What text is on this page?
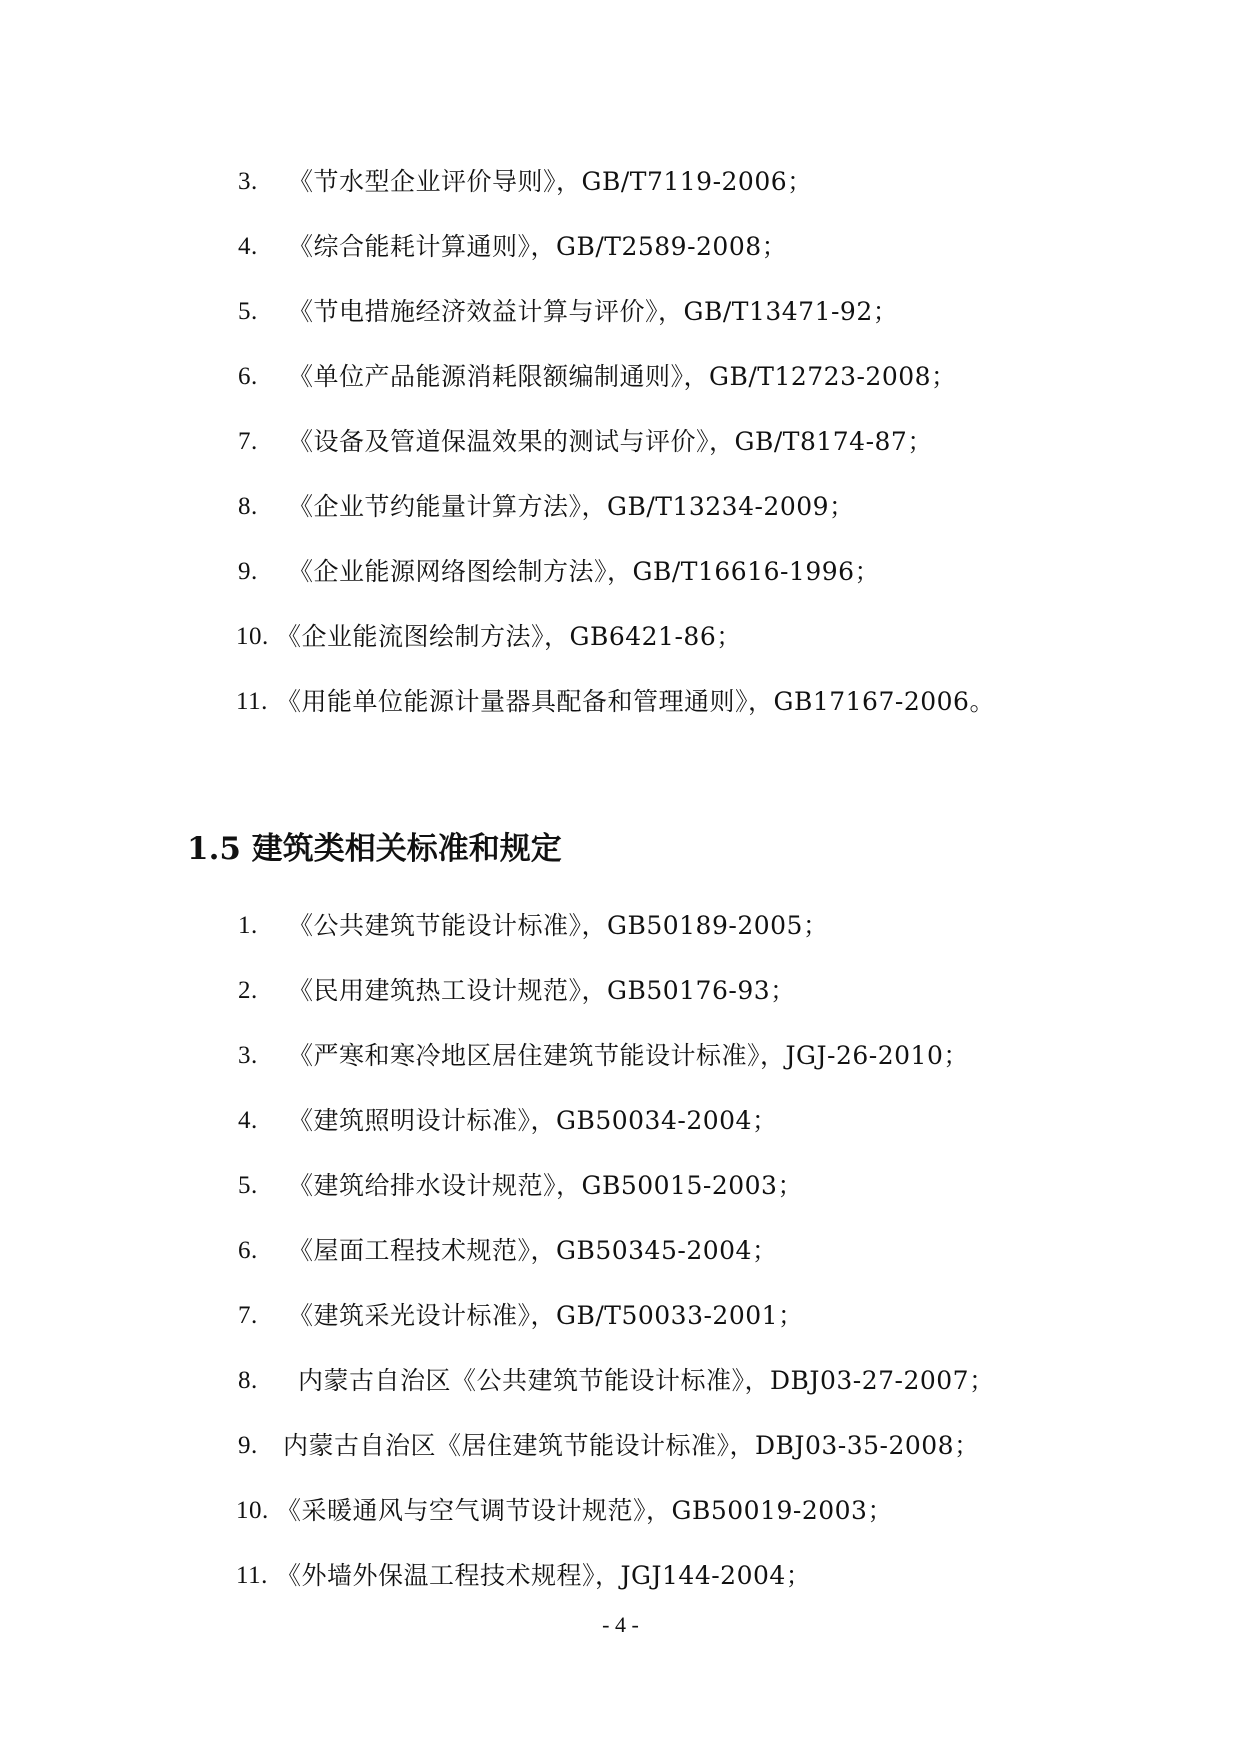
3. 《节水型企业评价导则》，GB/T7119-2006；
4. 《综合能耗计算通则》，GB/T2589-2008；
5. 《节电措施经济效益计算与评价》，GB/T13471-92；
6. 《单位产品能源消耗限额编制通则》，GB/T12723-2008；
7. 《设备及管道保温效果的测试与评价》，GB/T8174-87；
8. 《企业节约能量计算方法》，GB/T13234-2009；
9. 《企业能源网络图绘制方法》，GB/T16616-1996；
10. 《企业能流图绘制方法》，GB6421-86；
11. 《用能单位能源计量器具配备和管理通则》，GB17167-2006。
1.5 建筑类相关标准和规定
1. 《公共建筑节能设计标准》，GB50189-2005；
2. 《民用建筑热工设计规范》，GB50176-93；
3. 《严寒和寒冷地区居住建筑节能设计标准》，JGJ-26-2010；
4. 《建筑照明设计标准》，GB50034-2004；
5. 《建筑给排水设计规范》，GB50015-2003；
6. 《屋面工程技术规范》，GB50345-2004；
7. 《建筑采光设计标准》，GB/T50033-2001；
8. 内蒙古自治区《公共建筑节能设计标准》，DBJ03-27-2007；
9. 内蒙古自治区《居住建筑节能设计标准》，DBJ03-35-2008；
10. 《采暖通风与空气调节设计规范》，GB50019-2003；
11. 《外墙外保温工程技术规程》，JGJ144-2004；
- 4 -
